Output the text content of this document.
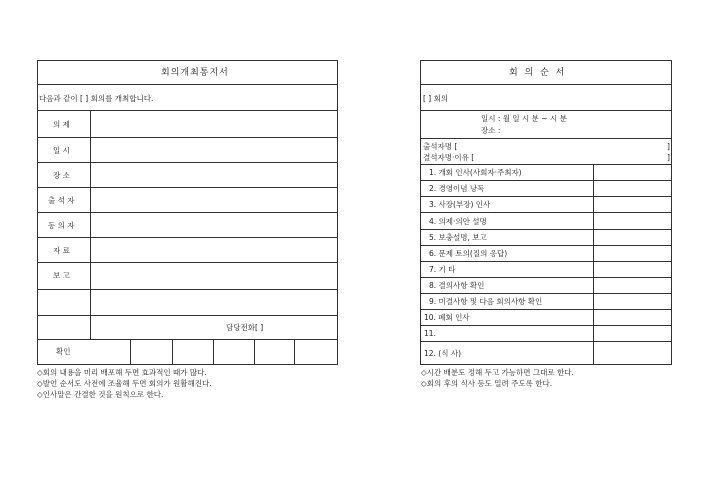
회의개최통지서
다음과 같이 [ ] 회의를 개최합니다.
의 제
일 시
장 소
출 석 자
동 의 자
자 료
보 고
담당전화[ ]
확인
◇회의 내용을 미리 배포해 두면 효과적인 때가 많다.
◇발언 순서도 사전에 조율해 두면 회의가 원활해진다.
◇인사말은 간결한 것을 원칙으로 한다.
회 의 순 서
[ ] 회의
일시 : 월 일 시 분 ~ 시 분
장소 :
출석자명 [	]
결석자명·이유 [	]
1. 개회 인사(사회자·주최자)
2. 경영이념 낭독
3. 사장(부장) 인사
4. 의제·의안 설명
5. 보충설명, 보고
6. 문제 토의(질의 응답)
7. 기 타
8. 결의사항 확인
9. 미결사항 및 다음 회의사항 확인
10. 폐회 인사
11.
12. (식 사)
◇시간 배분도 정해 두고 가능하면 그대로 한다.
◇회의 후의 식사 등도 밀려 주도록 한다.
